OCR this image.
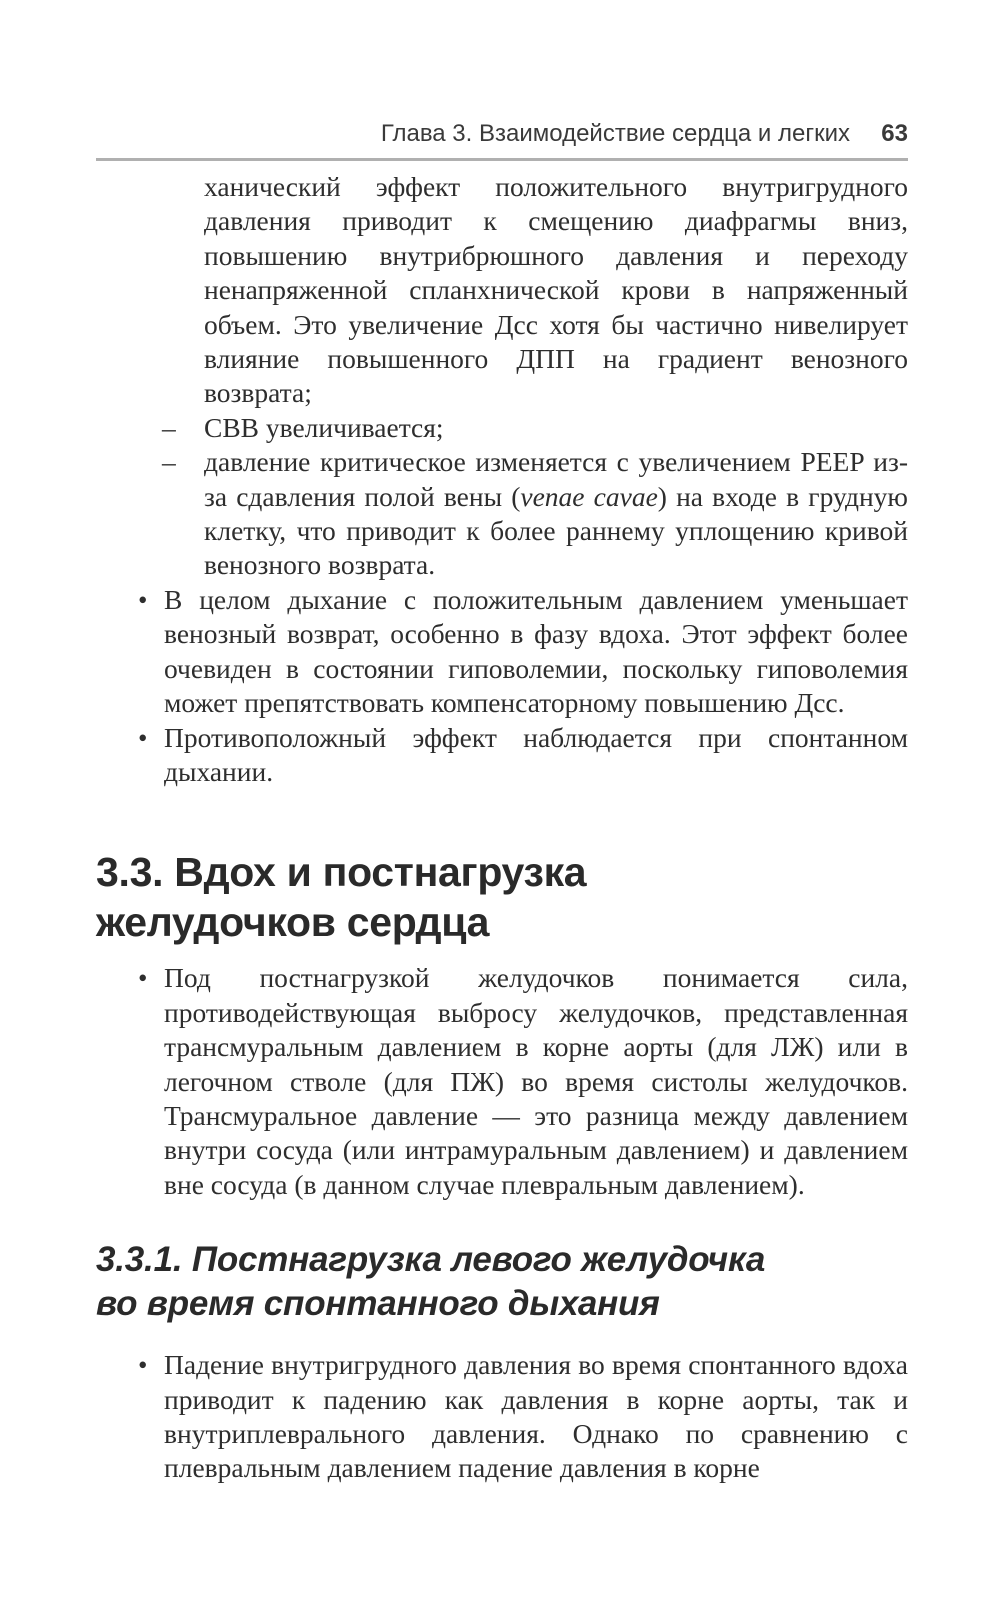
Глава 3. Взаимодействие сердца и легких 63

ханический эффект положительного внутригрудного давления приводит к смещению диафрагмы вниз, повышению внутрибрюшного давления и переходу ненапряженной спланхнической крови в напряженный объем. Это увеличение Дсс хотя бы частично нивелирует влияние повышенного ДПП на градиент венозного возврата;

– СВВ увеличивается;

– давление критическое изменяется с увеличением PEEP из-за сдавления полой вены (venae cavae) на входе в грудную клетку, что приводит к более раннему уплощению кривой венозного возврата.

• В целом дыхание с положительным давлением уменьшает венозный возврат, особенно в фазу вдоха. Этот эффект более очевиден в состоянии гиповолемии, поскольку гиповолемия может препятствовать компенсаторному повышению Дсс.

• Противоположный эффект наблюдается при спонтанном дыхании.

3.3. Вдох и постнагрузка
желудочков сердца

• Под постнагрузкой желудочков понимается сила, противодействующая выбросу желудочков, представленная трансмуральным давлением в корне аорты (для ЛЖ) или в легочном стволе (для ПЖ) во время систолы желудочков. Трансмуральное давление — это разница между давлением внутри сосуда (или интрамуральным давлением) и давлением вне сосуда (в данном случае плевральным давлением).

3.3.1. Постнагрузка левого желудочка
во время спонтанного дыхания

• Падение внутригрудного давления во время спонтанного вдоха приводит к падению как давления в корне аорты, так и внутриплеврального давления. Однако по сравнению с плевральным давлением падение давления в корне
